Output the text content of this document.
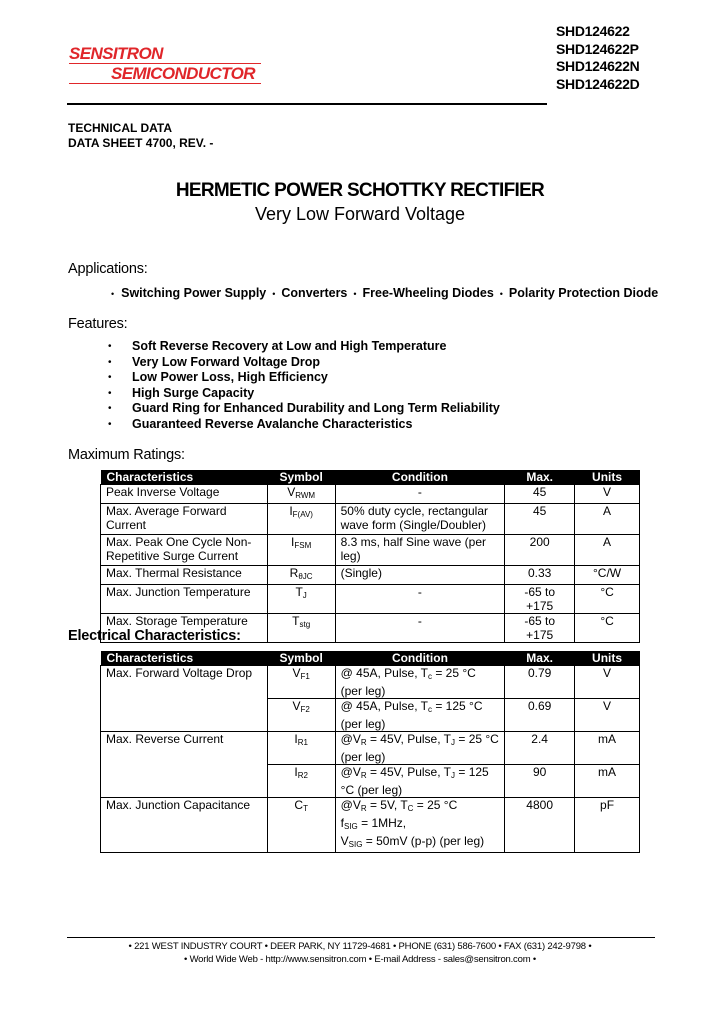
SENSITRON
SEMICONDUCTOR
SHD124622
SHD124622P
SHD124622N
SHD124622D
TECHNICAL DATA
DATA SHEET 4700, REV. -
HERMETIC POWER SCHOTTKY RECTIFIER
Very Low Forward Voltage
Applications:
• Switching Power Supply  •  Converters  •  Free-Wheeling Diodes  •  Polarity Protection Diode
Features:
• Soft Reverse Recovery at Low and High Temperature
• Very Low Forward Voltage Drop
• Low Power Loss, High Efficiency
• High Surge Capacity
• Guard Ring for Enhanced Durability and Long Term Reliability
• Guaranteed Reverse Avalanche Characteristics
Maximum Ratings:
Characteristics	Symbol	Condition	Max.	Units
Peak Inverse Voltage	$V_{RWM}$	-	45	V
Max. Average Forward Current	$I_{F(AV)}$	50% duty cycle, rectangular wave form (Single/Doubler)	45	A
Max. Peak One Cycle Non-Repetitive Surge Current	$I_{FSM}$	8.3 ms, half Sine wave (per leg)	200	A
Max. Thermal Resistance	$R_{\theta JC}$	(Single)	0.33	°C/W
Max. Junction Temperature	$T_J$	-	-65 to +175	°C
Max. Storage Temperature	$T_{stg}$	-	-65 to +175	°C
Electrical Characteristics:
Characteristics	Symbol	Condition	Max.	Units
Max. Forward Voltage Drop	$V_{F1}$	@ 45A, Pulse, $T_c = 25$ °C (per leg)	0.79	V
	$V_{F2}$	@ 45A, Pulse, $T_c = 125$ °C (per leg)	0.69	V
Max. Reverse Current	$I_{R1}$	$@V_R = 45V$, Pulse, $T_J = 25$ °C (per leg)	2.4	mA
	$I_{R2}$	$@V_R = 45V$, Pulse, $T_J = 125$ °C (per leg)	90	mA
Max. Junction Capacitance	$C_T$	$@V_R = 5V$, $T_C = 25$ °C
$f_{SIG} = 1MHz$,
$V_{SIG} = 50mV$ (p-p) (per leg)	4800	pF
• 221 WEST INDUSTRY COURT • DEER PARK, NY 11729-4681 • PHONE (631) 586-7600 • FAX (631) 242-9798 •
• World Wide Web - http://www.sensitron.com • E-mail Address - sales@sensitron.com •
